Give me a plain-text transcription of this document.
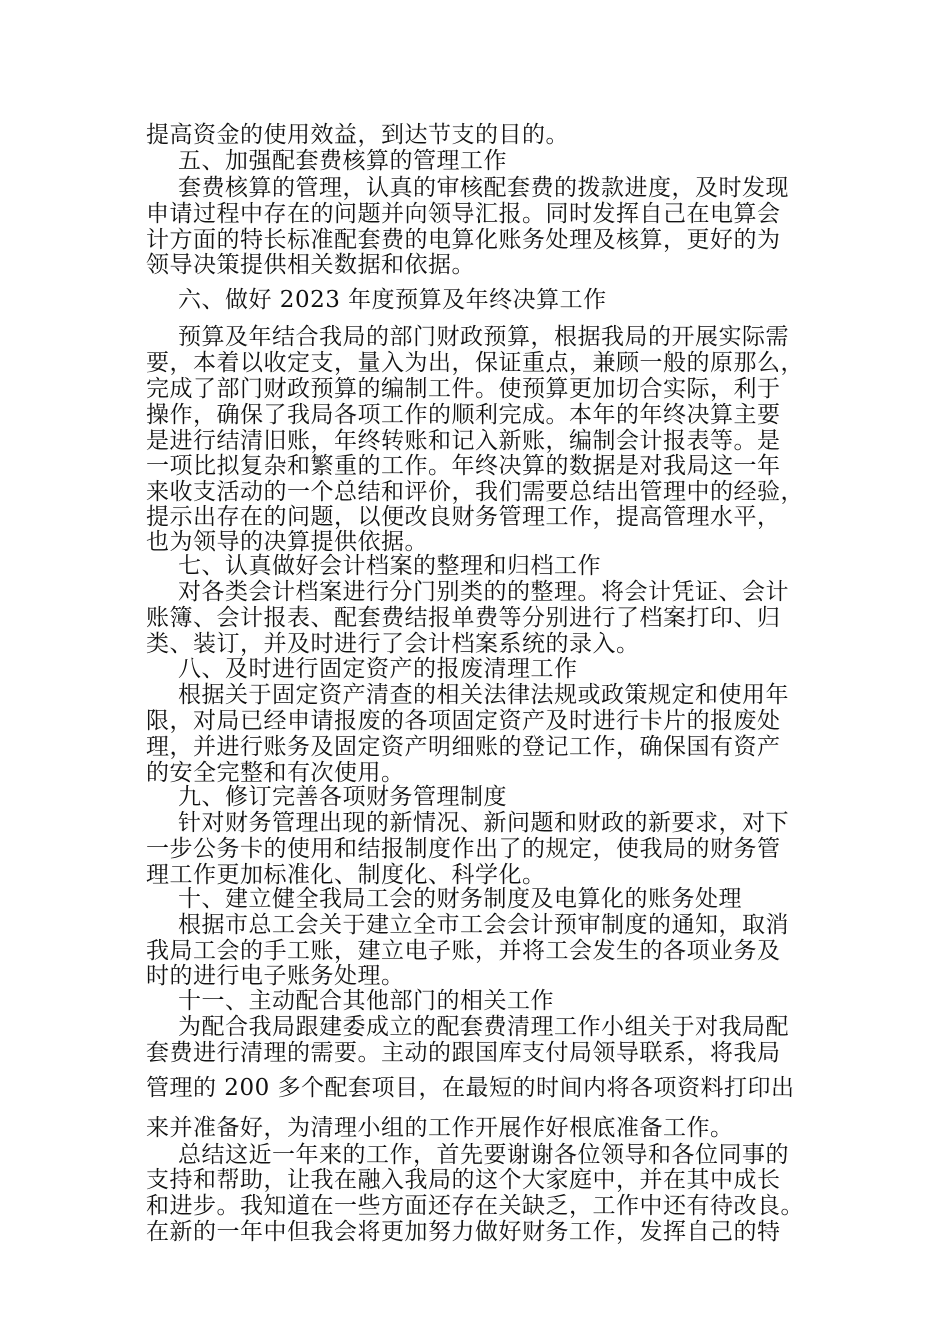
提高资金的使用效益，到达节支的目的。
五、加强配套费核算的管理工作
套费核算的管理，认真的审核配套费的拨款进度，及时发现
申请过程中存在的问题并向领导汇报。同时发挥自己在电算会
计方面的特长标准配套费的电算化账务处理及核算，更好的为
领导决策提供相关数据和依据。
六、做好 2023 年度预算及年终决算工作
预算及年结合我局的部门财政预算，根据我局的开展实际需
要，本着以收定支，量入为出，保证重点，兼顾一般的原那么，
完成了部门财政预算的编制工件。使预算更加切合实际，利于
操作，确保了我局各项工作的顺利完成。本年的年终决算主要
是进行结清旧账，年终转账和记入新账，编制会计报表等。是
一项比拟复杂和繁重的工作。年终决算的数据是对我局这一年
来收支活动的一个总结和评价，我们需要总结出管理中的经验，
提示出存在的问题，以便改良财务管理工作，提高管理水平，
也为领导的决算提供依据。
七、认真做好会计档案的整理和归档工作
对各类会计档案进行分门别类的的整理。将会计凭证、会计
账簿、会计报表、配套费结报单费等分别进行了档案打印、归
类、装订，并及时进行了会计档案系统的录入。
八、及时进行固定资产的报废清理工作
根据关于固定资产清查的相关法律法规或政策规定和使用年
限，对局已经申请报废的各项固定资产及时进行卡片的报废处
理，并进行账务及固定资产明细账的登记工作，确保国有资产
的安全完整和有次使用。
九、修订完善各项财务管理制度
针对财务管理出现的新情况、新问题和财政的新要求，对下
一步公务卡的使用和结报制度作出了的规定，使我局的财务管
理工作更加标准化、制度化、科学化。
十、建立健全我局工会的财务制度及电算化的账务处理
根据市总工会关于建立全市工会会计预审制度的通知，取消
我局工会的手工账，建立电子账，并将工会发生的各项业务及
时的进行电子账务处理。
十一、主动配合其他部门的相关工作
为配合我局跟建委成立的配套费清理工作小组关于对我局配
套费进行清理的需要。主动的跟国库支付局领导联系，将我局
管理的 200 多个配套项目，在最短的时间内将各项资料打印出
来并准备好，为清理小组的工作开展作好根底准备工作。
总结这近一年来的工作，首先要谢谢各位领导和各位同事的
支持和帮助，让我在融入我局的这个大家庭中，并在其中成长
和进步。我知道在一些方面还存在关缺乏，工作中还有待改良。
在新的一年中但我会将更加努力做好财务工作，发挥自己的特
